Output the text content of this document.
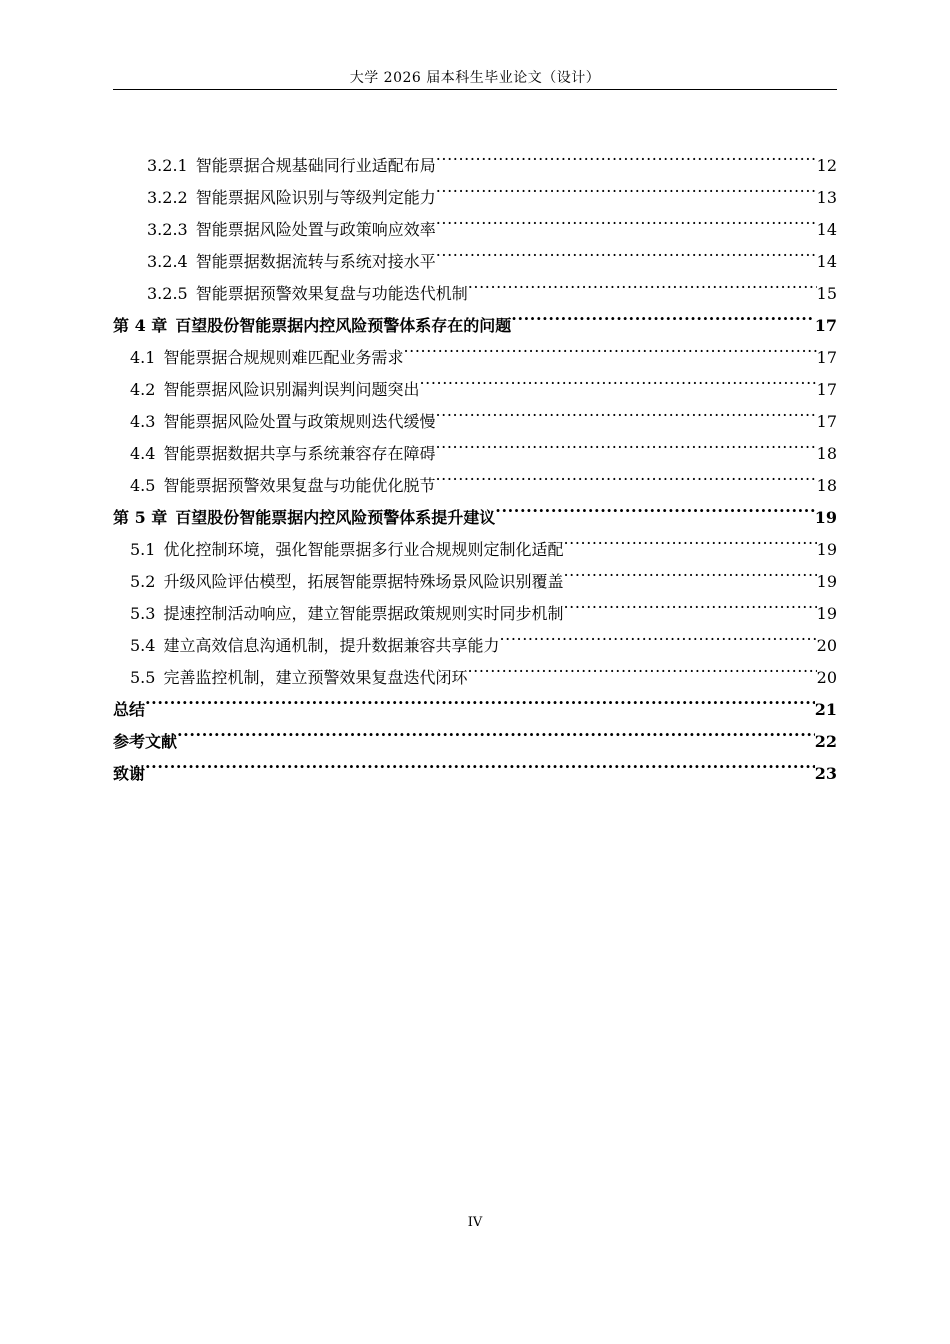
大学 2026 届本科生毕业论文（设计）
3.2.1 智能票据合规基础同行业适配布局 .....	12
3.2.2 智能票据风险识别与等级判定能力 .....	13
3.2.3 智能票据风险处置与政策响应效率 .....	14
3.2.4 智能票据数据流转与系统对接水平 .....	14
3.2.5 智能票据预警效果复盘与功能迭代机制 .....	15
第 4 章 百望股份智能票据内控风险预警体系存在的问题 .....	17
4.1 智能票据合规规则难匹配业务需求 .....	17
4.2 智能票据风险识别漏判误判问题突出 .....	17
4.3 智能票据风险处置与政策规则迭代缓慢 .....	17
4.4 智能票据数据共享与系统兼容存在障碍 .....	18
4.5 智能票据预警效果复盘与功能优化脱节 .....	18
第 5 章 百望股份智能票据内控风险预警体系提升建议 .....	19
5.1 优化控制环境，强化智能票据多行业合规规则定制化适配 .....	19
5.2 升级风险评估模型，拓展智能票据特殊场景风险识别覆盖 .....	19
5.3 提速控制活动响应，建立智能票据政策规则实时同步机制 .....	19
5.4 建立高效信息沟通机制，提升数据兼容共享能力 .....	20
5.5 完善监控机制，建立预警效果复盘迭代闭环 .....	20
总结 .....	21
参考文献 .....	22
致谢 .....	23
IV
